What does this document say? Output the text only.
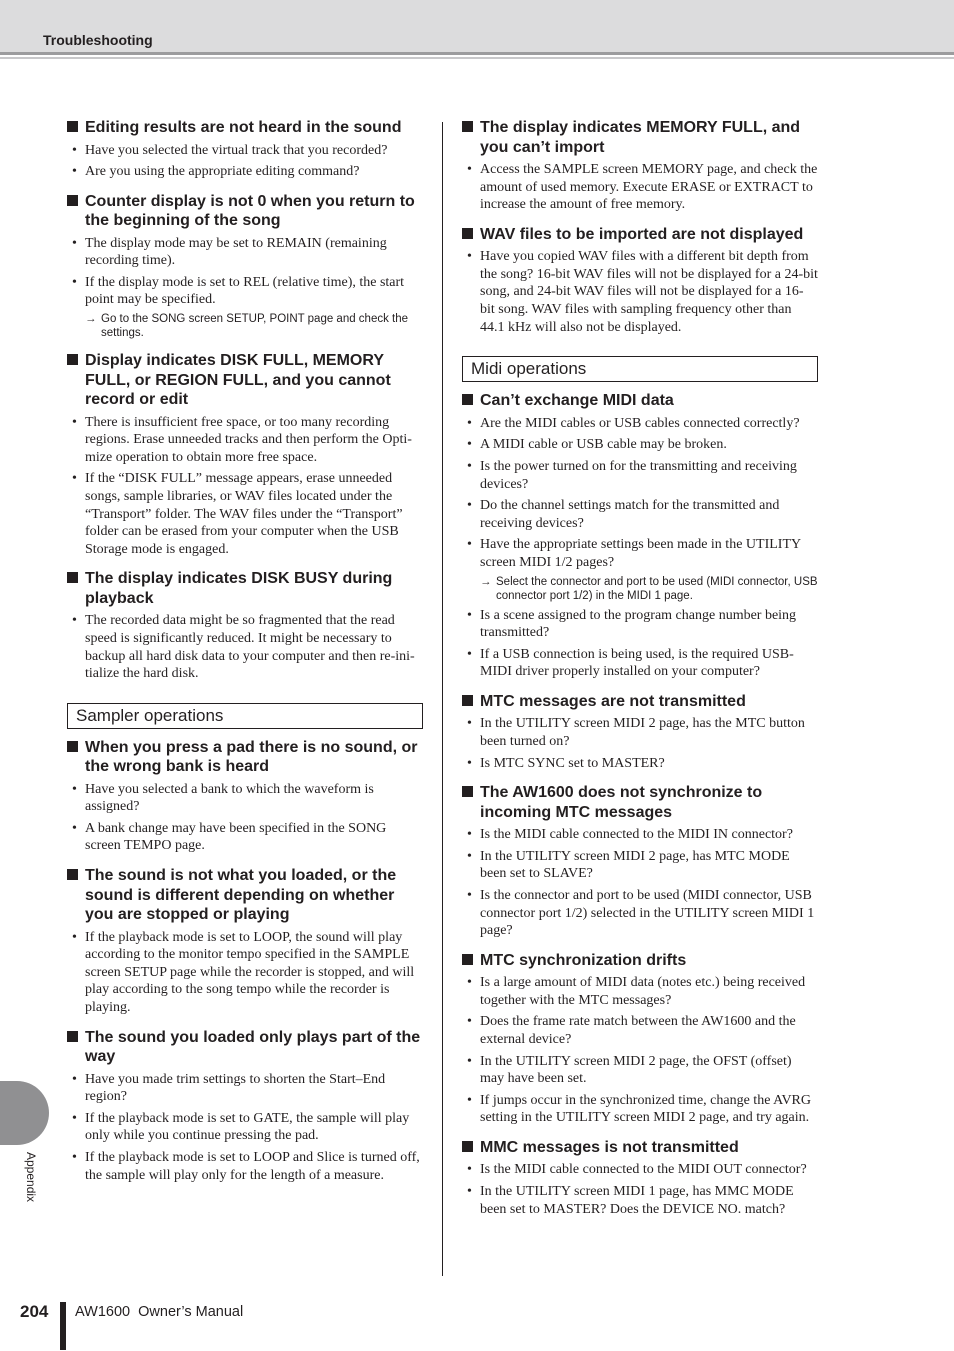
Troubleshooting
Editing results are not heard in the sound
• Have you selected the virtual track that you recorded?
• Are you using the appropriate editing command?
Counter display is not 0 when you return to the beginning of the song
• The display mode may be set to REMAIN (remaining recording time).
• If the display mode is set to REL (relative time), the start point may be specified.
→ Go to the SONG screen SETUP, POINT page and check the settings.
Display indicates DISK FULL, MEMORY FULL, or REGION FULL, and you cannot record or edit
• There is insufficient free space, or too many recording regions. Erase unneeded tracks and then perform the Opti-mize operation to obtain more free space.
• If the “DISK FULL” message appears, erase unneeded songs, sample libraries, or WAV files located under the “Transport” folder. The WAV files under the “Transport” folder can be erased from your computer when the USB Storage mode is engaged.
The display indicates DISK BUSY during playback
• The recorded data might be so fragmented that the read speed is significantly reduced. It might be necessary to backup all hard disk data to your computer and then re-ini-tialize the hard disk.
Sampler operations
When you press a pad there is no sound, or the wrong bank is heard
• Have you selected a bank to which the waveform is assigned?
• A bank change may have been specified in the SONG screen TEMPO page.
The sound is not what you loaded, or the sound is different depending on whether you are stopped or playing
• If the playback mode is set to LOOP, the sound will play according to the monitor tempo specified in the SAMPLE screen SETUP page while the recorder is stopped, and will play according to the song tempo while the recorder is playing.
The sound you loaded only plays part of the way
• Have you made trim settings to shorten the Start–End region?
• If the playback mode is set to GATE, the sample will play only while you continue pressing the pad.
• If the playback mode is set to LOOP and Slice is turned off, the sample will play only for the length of a measure.
The display indicates MEMORY FULL, and you can’t import
• Access the SAMPLE screen MEMORY page, and check the amount of used memory. Execute ERASE or EXTRACT to increase the amount of free memory.
WAV files to be imported are not displayed
• Have you copied WAV files with a different bit depth from the song? 16-bit WAV files will not be displayed for a 24-bit song, and 24-bit WAV files will not be displayed for a 16-bit song. WAV files with sampling frequency other than 44.1 kHz will also not be displayed.
Midi operations
Can’t exchange MIDI data
• Are the MIDI cables or USB cables connected correctly?
• A MIDI cable or USB cable may be broken.
• Is the power turned on for the transmitting and receiving devices?
• Do the channel settings match for the transmitted and receiving devices?
• Have the appropriate settings been made in the UTILITY screen MIDI 1/2 pages?
→ Select the connector and port to be used (MIDI connector, USB connector port 1/2) in the MIDI 1 page.
• Is a scene assigned to the program change number being transmitted?
• If a USB connection is being used, is the required USB-MIDI driver properly installed on your computer?
MTC messages are not transmitted
• In the UTILITY screen MIDI 2 page, has the MTC button been turned on?
• Is MTC SYNC set to MASTER?
The AW1600 does not synchronize to incoming MTC messages
• Is the MIDI cable connected to the MIDI IN connector?
• In the UTILITY screen MIDI 2 page, has MTC MODE been set to SLAVE?
• Is the connector and port to be used (MIDI connector, USB connector port 1/2) selected in the UTILITY screen MIDI 1 page?
MTC synchronization drifts
• Is a large amount of MIDI data (notes etc.) being received together with the MTC messages?
• Does the frame rate match between the AW1600 and the external device?
• In the UTILITY screen MIDI 2 page, the OFST (offset) may have been set.
• If jumps occur in the synchronized time, change the AVRG setting in the UTILITY screen MIDI 2 page, and try again.
MMC messages is not transmitted
• Is the MIDI cable connected to the MIDI OUT connector?
• In the UTILITY screen MIDI 1 page, has MMC MODE been set to MASTER? Does the DEVICE NO. match?
Appendix
204 AW1600  Owner’s Manual
